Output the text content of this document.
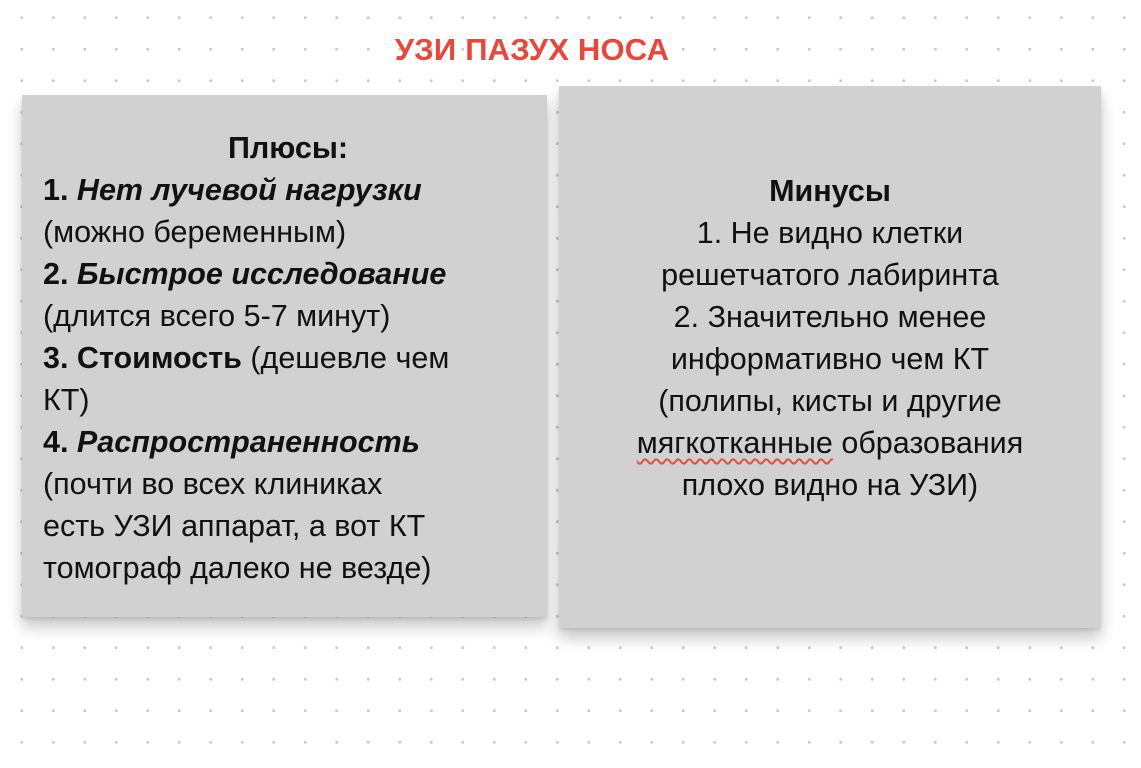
УЗИ ПАЗУХ НОСА
Плюсы:
1. Нет лучевой нагрузки
(можно беременным)
2. Быстрое исследование
(длится всего 5-7 минут)
3. Стоимость (дешевле чем
КТ)
4. Распространенность
(почти во всех клиниках
есть УЗИ аппарат, а вот КТ
томограф далеко не везде)
Минусы
1. Не видно клетки
решетчатого лабиринта
2. Значительно менее
информативно чем КТ
(полипы, кисты и другие
мягкотканные образования
плохо видно на УЗИ)
